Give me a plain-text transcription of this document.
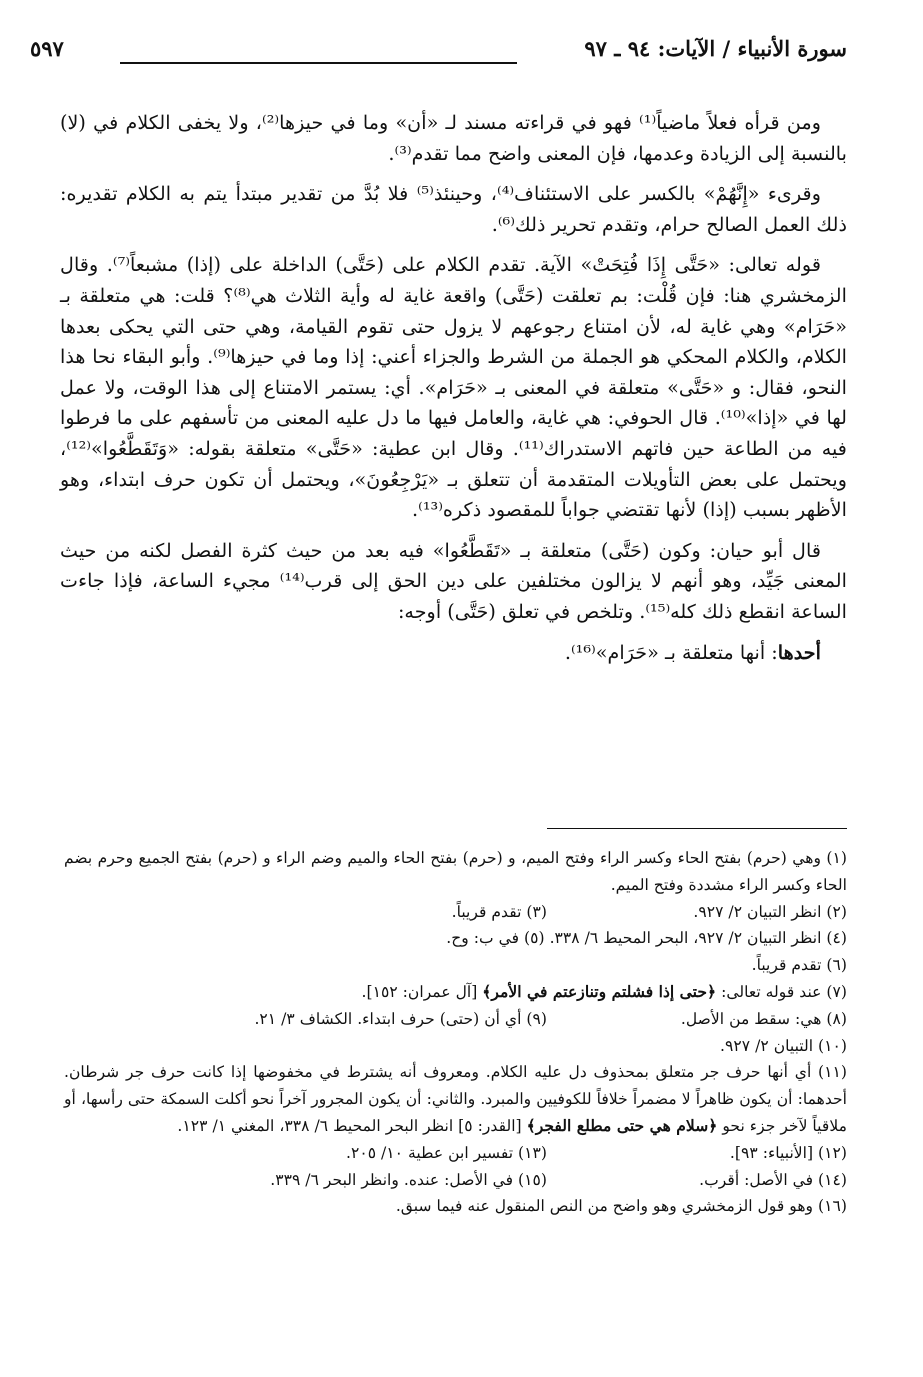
سورة الأنبياء / الآيات: ٩٤ ـ ٩٧
٥٩٧

ومن قرأه فعلاً ماضياً⁽¹⁾ فهو في قراءته مسند لـ «أن» وما في حيزها⁽²⁾، ولا يخفى الكلام في (لا) بالنسبة إلى الزيادة وعدمها، فإن المعنى واضح مما تقدم⁽³⁾.

وقرىء «إِنَّهُمْ» بالكسر على الاستئناف⁽⁴⁾، وحينئذ⁽⁵⁾ فلا بُدَّ من تقدير مبتدأ يتم به الكلام تقديره: ذلك العمل الصالح حرام، وتقدم تحرير ذلك⁽⁶⁾.

قوله تعالى: «حَتَّى إِذَا فُتِحَتْ» الآية. تقدم الكلام على (حَتَّى) الداخلة على (إذا) مشبعاً⁽⁷⁾. وقال الزمخشري هنا: فإن قُلْت: بم تعلقت (حَتَّى) واقعة غاية له وأية الثلاث هي⁽⁸⁾؟ قلت: هي متعلقة بـ «حَرَام» وهي غاية له، لأن امتناع رجوعهم لا يزول حتى تقوم القيامة، وهي حتى التي يحكى بعدها الكلام، والكلام المحكي هو الجملة من الشرط والجزاء أعني: إذا وما في حيزها⁽⁹⁾. وأبو البقاء نحا هذا النحو، فقال: و «حَتَّى» متعلقة في المعنى بـ «حَرَام». أي: يستمر الامتناع إلى هذا الوقت، ولا عمل لها في «إذا»⁽¹⁰⁾. قال الحوفي: هي غاية، والعامل فيها ما دل عليه المعنى من تأسفهم على ما فرطوا فيه من الطاعة حين فاتهم الاستدراك⁽¹¹⁾. وقال ابن عطية: «حَتَّى» متعلقة بقوله: «وَتَقَطَّعُوا»⁽¹²⁾، ويحتمل على بعض التأويلات المتقدمة أن تتعلق بـ «يَرْجِعُونَ»، ويحتمل أن تكون حرف ابتداء، وهو الأظهر بسبب (إذا) لأنها تقتضي جواباً للمقصود ذكره⁽¹³⁾.

قال أبو حيان: وكون (حَتَّى) متعلقة بـ «تَقَطَّعُوا» فيه بعد من حيث كثرة الفصل لكنه من حيث المعنى جَيِّد، وهو أنهم لا يزالون مختلفين على دين الحق إلى قرب⁽¹⁴⁾ مجيء الساعة، فإذا جاءت الساعة انقطع ذلك كله⁽¹⁵⁾. وتلخص في تعلق (حَتَّى) أوجه:

أحدها: أنها متعلقة بـ «حَرَام»⁽¹⁶⁾.

(١) وهي (حرم) بفتح الحاء وكسر الراء وفتح الميم، و (حرم) بفتح الحاء والميم وضم الراء و (حرم) بفتح الجميع وحرم بضم الحاء وكسر الراء مشددة وفتح الميم.

(٢) انظر التبيان ٢/ ٩٢٧.
(٣) تقدم قريباً.

(٤) انظر التبيان ٢/ ٩٢٧، البحر المحيط ٦/ ٣٣٨. (٥) في ب: وح.

(٦) تقدم قريباً.

(٧) عند قوله تعالى: ﴿حتى إذا فشلتم وتنازعتم في الأمر﴾ [آل عمران: ١٥٢].

(٨) هي: سقط من الأصل.
(٩) أي أن (حتى) حرف ابتداء. الكشاف ٣/ ٢١.

(١٠) التبيان ٢/ ٩٢٧.

(١١) أي أنها حرف جر متعلق بمحذوف دل عليه الكلام. ومعروف أنه يشترط في مخفوضها إذا كانت حرف جر شرطان. أحدهما: أن يكون ظاهراً لا مضمراً خلافاً للكوفيين والمبرد. والثاني: أن يكون المجرور آخراً نحو أكلت السمكة حتى رأسها، أو ملاقياً لآخر جزء نحو ﴿سلام هي حتى مطلع الفجر﴾ [القدر: ٥] انظر البحر المحيط ٦/ ٣٣٨، المغني ١/ ١٢٣.

(١٢) [الأنبياء: ٩٣].
(١٣) تفسير ابن عطية ١٠/ ٢٠٥.
(١٤) في الأصل: أقرب.
(١٥) في الأصل: عنده. وانظر البحر ٦/ ٣٣٩.

(١٦) وهو قول الزمخشري وهو واضح من النص المنقول عنه فيما سبق.
